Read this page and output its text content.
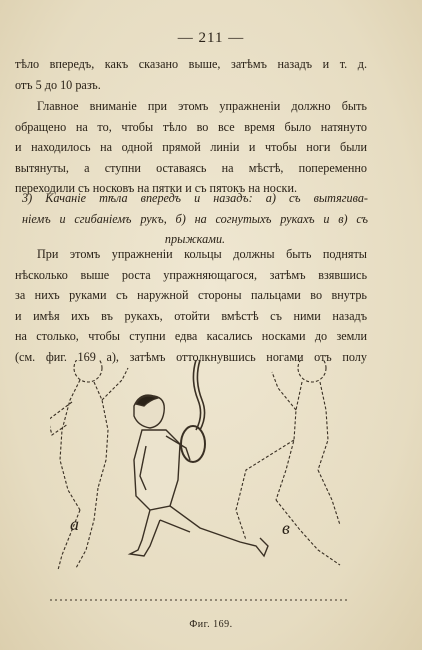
— 211 —
тѣло впередъ, какъ сказано выше, затѣмъ назадъ и т. д.
отъ 5 до 10 разъ.
Главное вниманіе при этомъ упражненіи должно быть
обращено на то, чтобы тѣло во все время было натянуто
и находилось на одной прямой линіи и чтобы ноги были
вытянуты, а ступни оставаясь на мѣстѣ, попеременно
переходили съ носковъ на пятки и съ пятокъ на носки.
3) Качаніе тѣла впередъ и назадъ: а) съ вытягива-
ніемъ и сгибаніемъ рукъ, б) на согнутыхъ рукахъ и в) съ
прыжками.
При этомъ упражненіи кольцы должны быть подняты
нѣсколько выше роста упражняющагося, затѣмъ взявшись
за нихъ руками съ наружной стороны пальцами во внутрь
и имѣя ихъ въ рукахъ, отойти вмѣстѣ съ ними назадъ
на столько, чтобы ступни едва касались носками до земли
(см. фиг. 169 а), затѣмъ оттолкнувшись ногами отъ полу
а	в
Фиг. 169.
